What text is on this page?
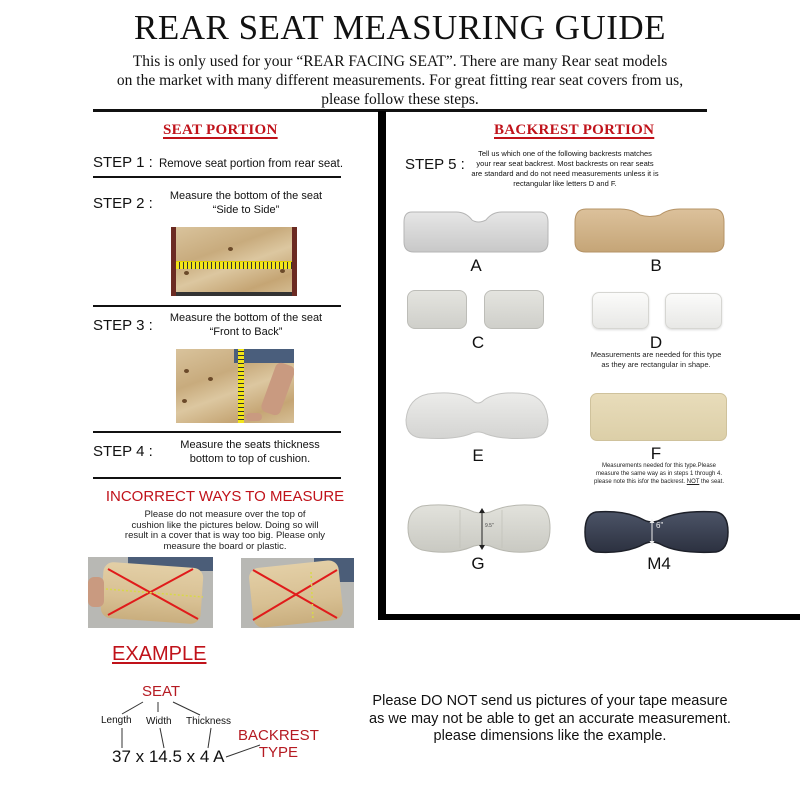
REAR SEAT MEASURING GUIDE
This is only used for your “REAR FACING SEAT”. There are many Rear seat models
on the market with many different measurements. For great fitting rear seat covers from us,
please follow these steps.
SEAT PORTION
STEP 1 : Remove seat portion from rear seat.
STEP 2 :	Measure the bottom of the seat
“Side to Side”
STEP 3 :	Measure the bottom of the seat
“Front to Back”
STEP 4 :	Measure the seats thickness
bottom to top of cushion.
INCORRECT WAYS TO MEASURE
Please do not measure over the top of
cushion like the pictures below. Doing so will
result in a cover that is way too big. Please only
measure the board or plastic.
BACKREST PORTION
STEP 5 :
Tell us which one of the following backrests matches
your rear seat backrest. Most backrests on rear seats
are standard and do not need measurements unless it is
rectangular like letters D and F.
A	B
C	D
Measurements are needed for this type
as they are rectangular in shape.
E	F
Measurements needed for this type.Please
measure the same way as in steps 1 through 4.
please note this isfor the backrest. NOT the seat.
9.5"
G
6"
M4
EXAMPLE
SEAT
Length Width Thickness
37 x 14.5 x 4 A
BACKREST
TYPE
Please DO NOT send us pictures of your tape measure
as we may not be able to get an accurate measurement.
please dimensions like the example.
